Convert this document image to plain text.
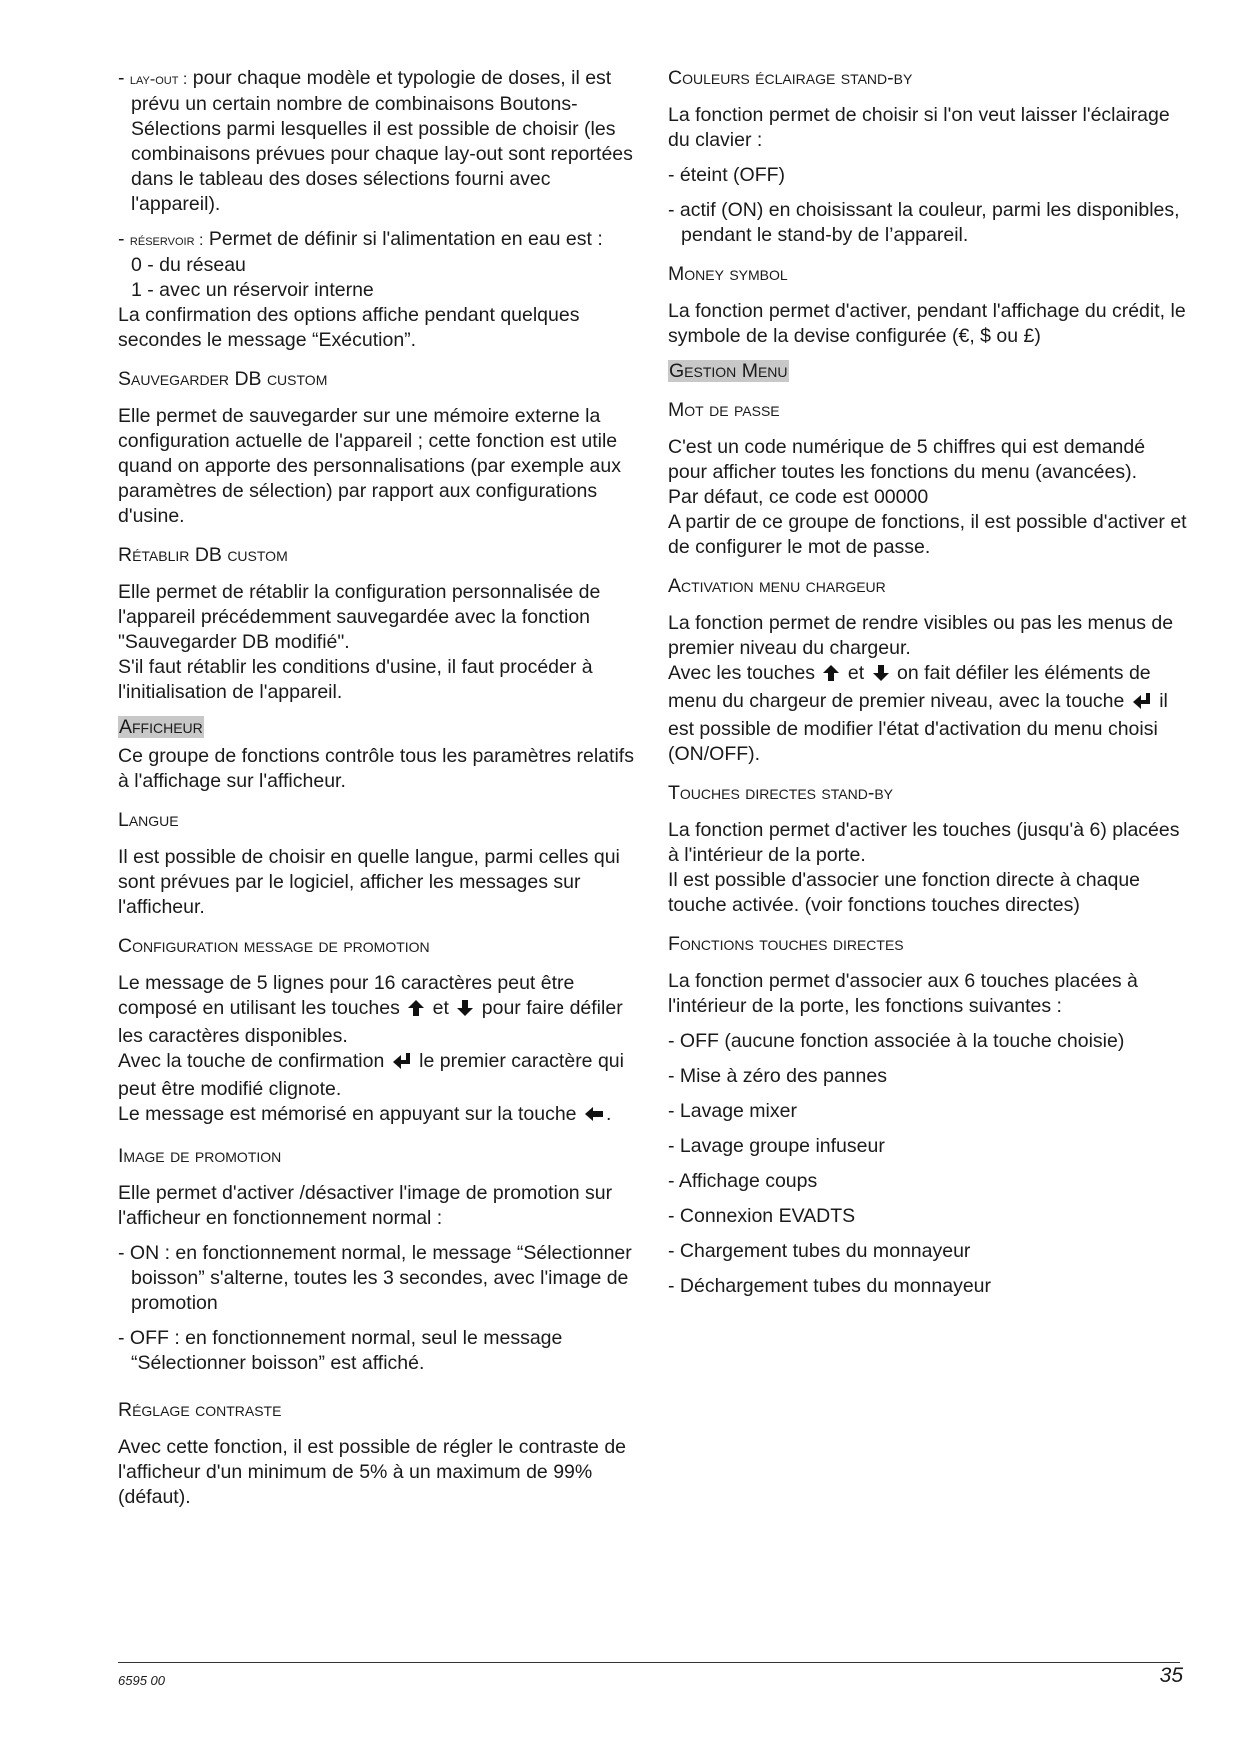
- lay-out : pour chaque modèle et typologie de doses, il est prévu un certain nombre de combinaisons Boutons-Sélections parmi lesquelles il est possible de choisir (les combinaisons prévues pour chaque lay-out sont reportées dans le tableau des doses sélections fourni avec l'appareil).

- réservoir : Permet de définir si l'alimentation en eau est :

0 - du réseau

1 - avec un réservoir interne

La confirmation des options affiche pendant quelques secondes le message “Exécution”.

Sauvegarder DB custom

Elle permet de sauvegarder sur une mémoire externe la configuration actuelle de l'appareil ; cette fonction est utile quand on apporte des personnalisations (par exemple aux paramètres de sélection) par rapport aux configurations d'usine.

Rétablir DB custom

Elle permet de rétablir la configuration personnalisée de l'appareil précédemment sauvegardée avec la fonction "Sauvegarder DB modifié".

S'il faut rétablir les conditions d'usine, il faut procéder à l'initialisation de l'appareil.

Afficheur

Ce groupe de fonctions contrôle tous les paramètres relatifs à l'affichage sur l'afficheur.

Langue

Il est possible de choisir en quelle langue, parmi celles qui sont prévues par le logiciel, afficher les messages sur l'afficheur.

Configuration message de promotion

Le message de 5 lignes pour 16 caractères peut être composé en utilisant les touches  et  pour faire défiler les caractères disponibles.

Avec la touche de confirmation  le premier caractère qui peut être modifié clignote.

Le message est mémorisé en appuyant sur la touche .

Image de promotion

Elle permet d'activer /désactiver l'image de promotion sur l'afficheur en fonctionnement normal :

- ON : en fonctionnement normal, le message “Sélectionner boisson” s'alterne, toutes les 3 secondes, avec l'image de promotion

- OFF : en fonctionnement normal, seul le message “Sélectionner boisson” est affiché.

Réglage contraste

Avec cette fonction, il est possible de régler le contraste de l'afficheur d'un minimum de 5% à un maximum de 99% (défaut).

Couleurs éclairage stand-by

La fonction permet de choisir si l'on veut laisser l'éclairage du clavier :

- éteint (OFF)

- actif (ON) en choisissant la couleur, parmi les disponibles, pendant le stand-by de l’appareil.

Money symbol

La fonction permet d'activer, pendant l'affichage du crédit, le symbole de la devise configurée (€, $ ou £)

Gestion Menu

Mot de passe

C'est un code numérique de 5 chiffres qui est demandé pour afficher toutes les fonctions du menu (avancées).

Par défaut, ce code est 00000

A partir de ce groupe de fonctions, il est possible d'activer et de configurer le mot de passe.

Activation menu chargeur

La fonction permet de rendre visibles ou pas les menus de premier niveau du chargeur.

Avec les touches  et  on fait défiler les éléments de menu du chargeur de premier niveau, avec la touche  il est possible de modifier l'état d'activation du menu choisi (ON/OFF).

Touches directes stand-by

La fonction permet d'activer les touches (jusqu'à 6) placées à l'intérieur de la porte.

Il est possible d'associer une fonction directe à chaque touche activée. (voir fonctions touches directes)

Fonctions touches directes

La fonction permet d'associer aux 6 touches placées à l'intérieur de la porte, les fonctions suivantes :

- OFF (aucune fonction associée à la touche choisie)

- Mise à zéro des pannes

- Lavage mixer

- Lavage groupe infuseur

- Affichage coups

- Connexion EVADTS

- Chargement tubes du monnayeur

- Déchargement tubes du monnayeur

6595 00	35
